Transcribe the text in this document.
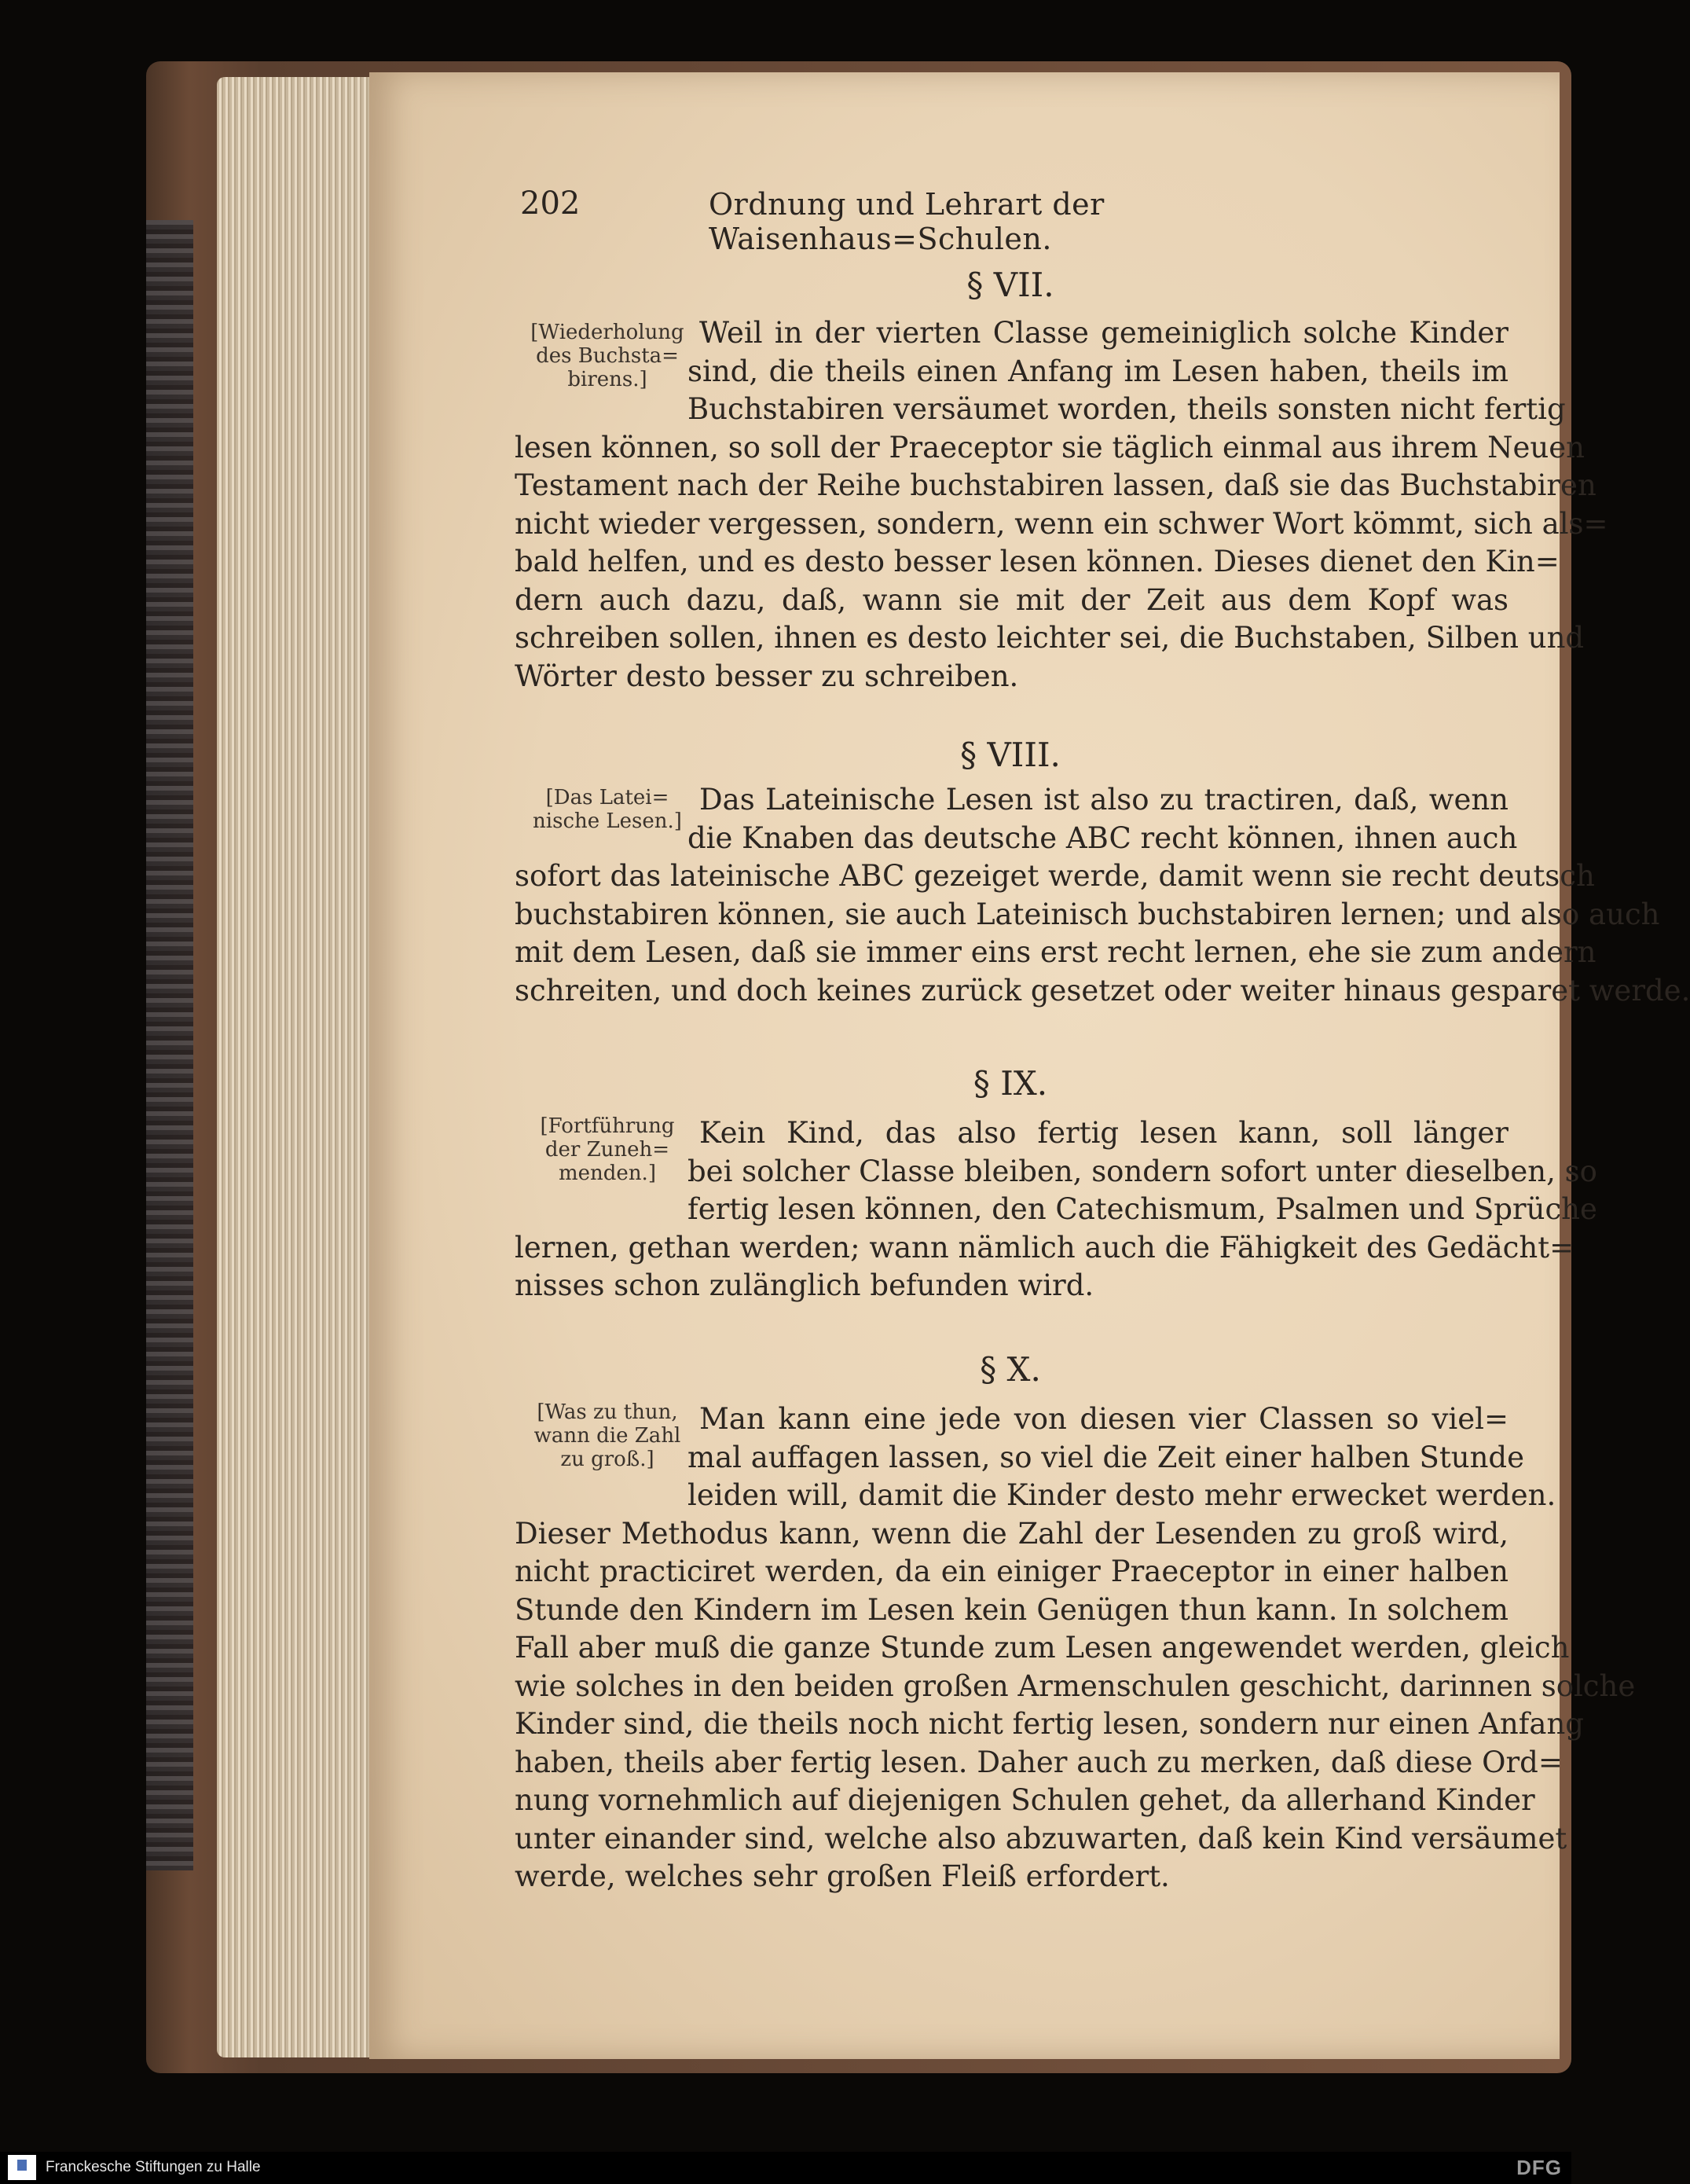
202	Ordnung und Lehrart der Waisenhaus=Schulen.
§ VII.
[Wiederholung
des Buchsta=
birens.]
Weil in der vierten Classe gemeiniglich solche Kinder
sind, die theils einen Anfang im Lesen haben, theils im
Buchstabiren versäumet worden, theils sonsten nicht fertig
lesen können, so soll der Praeceptor sie täglich einmal aus ihrem Neuen
Testament nach der Reihe buchstabiren lassen, daß sie das Buchstabiren
nicht wieder vergessen, sondern, wenn ein schwer Wort kömmt, sich als=
bald helfen, und es desto besser lesen können. Dieses dienet den Kin=
dern auch dazu, daß, wann sie mit der Zeit aus dem Kopf was
schreiben sollen, ihnen es desto leichter sei, die Buchstaben, Silben und
Wörter desto besser zu schreiben.
§ VIII.
[Das Latei=
nische Lesen.]
Das Lateinische Lesen ist also zu tractiren, daß, wenn
die Knaben das deutsche ABC recht können, ihnen auch
sofort das lateinische ABC gezeiget werde, damit wenn sie recht deutsch
buchstabiren können, sie auch Lateinisch buchstabiren lernen; und also auch
mit dem Lesen, daß sie immer eins erst recht lernen, ehe sie zum andern
schreiten, und doch keines zurück gesetzet oder weiter hinaus gesparet werde.
§ IX.
[Fortführung
der Zuneh=
menden.]
Kein Kind, das also fertig lesen kann, soll länger
bei solcher Classe bleiben, sondern sofort unter dieselben, so
fertig lesen können, den Catechismum, Psalmen und Sprüche
lernen, gethan werden; wann nämlich auch die Fähigkeit des Gedächt=
nisses schon zulänglich befunden wird.
§ X.
[Was zu thun,
wann die Zahl
zu groß.]
Man kann eine jede von diesen vier Classen so viel=
mal auffagen lassen, so viel die Zeit einer halben Stunde
leiden will, damit die Kinder desto mehr erwecket werden.
Dieser Methodus kann, wenn die Zahl der Lesenden zu groß wird,
nicht practiciret werden, da ein einiger Praeceptor in einer halben
Stunde den Kindern im Lesen kein Genügen thun kann. In solchem
Fall aber muß die ganze Stunde zum Lesen angewendet werden, gleich
wie solches in den beiden großen Armenschulen geschicht, darinnen solche
Kinder sind, die theils noch nicht fertig lesen, sondern nur einen Anfang
haben, theils aber fertig lesen. Daher auch zu merken, daß diese Ord=
nung vornehmlich auf diejenigen Schulen gehet, da allerhand Kinder
unter einander sind, welche also abzuwarten, daß kein Kind versäumet
werde, welches sehr großen Fleiß erfordert.
Franckesche Stiftungen zu Halle	DFG
